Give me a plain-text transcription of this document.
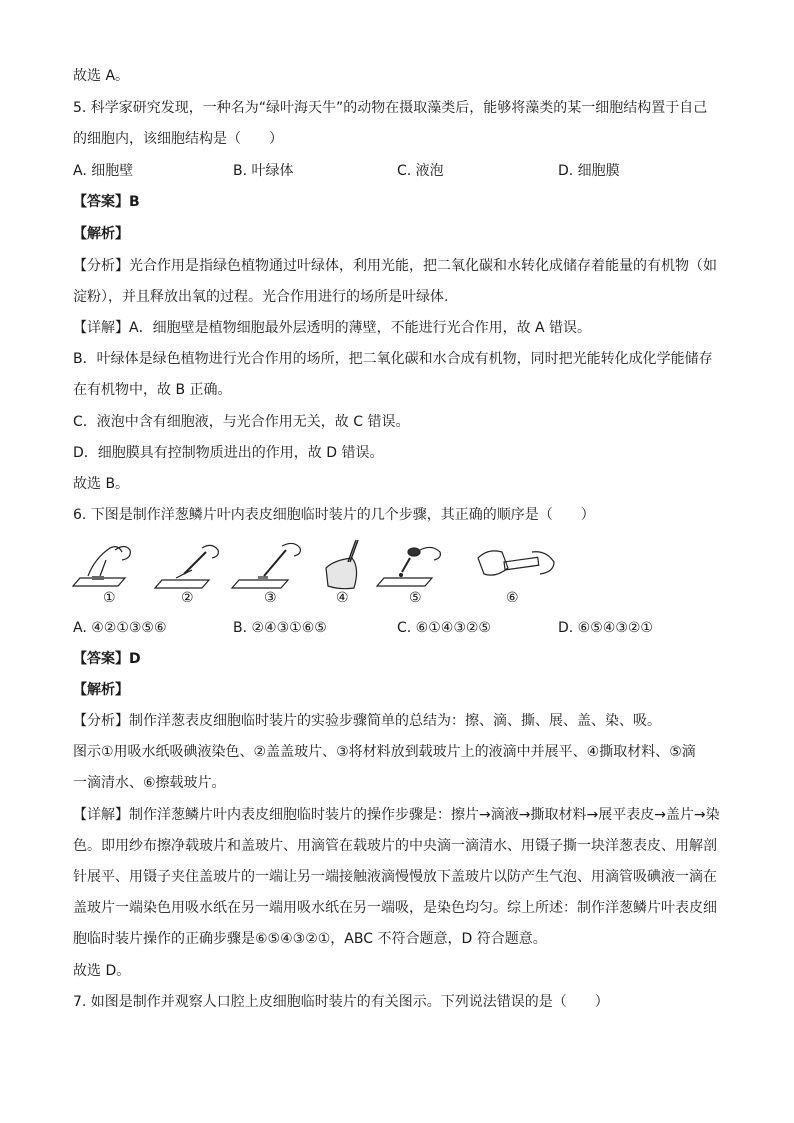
故选 A。
5. 科学家研究发现，一种名为“绿叶海天牛”的动物在摄取藻类后，能够将藻类的某一细胞结构置于自己
的细胞内，该细胞结构是（　　）
A. 细胞壁	B. 叶绿体	C. 液泡	D. 细胞膜
【答案】B
【解析】
【分析】光合作用是指绿色植物通过叶绿体，利用光能，把二氧化碳和水转化成储存着能量的有机物（如
淀粉），并且释放出氧的过程。光合作用进行的场所是叶绿体.
【详解】A．细胞壁是植物细胞最外层透明的薄壁，不能进行光合作用，故 A 错误。
B．叶绿体是绿色植物进行光合作用的场所，把二氧化碳和水合成有机物，同时把光能转化成化学能储存
在有机物中，故 B 正确。
C．液泡中含有细胞液，与光合作用无关，故 C 错误。
D．细胞膜具有控制物质进出的作用，故 D 错误。
故选 B。
6. 下图是制作洋葱鳞片叶内表皮细胞临时装片的几个步骤，其正确的顺序是（　　）
①	②	③	④	⑤	⑥
A. ④②①③⑤⑥	B. ②④③①⑥⑤	C. ⑥①④③②⑤	D. ⑥⑤④③②①
【答案】D
【解析】
【分析】制作洋葱表皮细胞临时装片的实验步骤简单的总结为：擦、滴、撕、展、盖、染、吸。
图示①用吸水纸吸碘液染色、②盖盖玻片、③将材料放到载玻片上的液滴中并展平、④撕取材料、⑤滴
一滴清水、⑥擦载玻片。
【详解】制作洋葱鳞片叶内表皮细胞临时装片的操作步骤是：擦片→滴液→撕取材料→展平表皮→盖片→染
色。即用纱布擦净载玻片和盖玻片、用滴管在载玻片的中央滴一滴清水、用镊子撕一块洋葱表皮、用解剖
针展平、用镊子夹住盖玻片的一端让另一端接触液滴慢慢放下盖玻片以防产生气泡、用滴管吸碘液一滴在
盖玻片一端染色用吸水纸在另一端用吸水纸在另一端吸，是染色均匀。综上所述：制作洋葱鳞片叶表皮细
胞临时装片操作的正确步骤是⑥⑤④③②①，ABC 不符合题意，D 符合题意。
故选 D。
7. 如图是制作并观察人口腔上皮细胞临时装片的有关图示。下列说法错误的是（　　）
